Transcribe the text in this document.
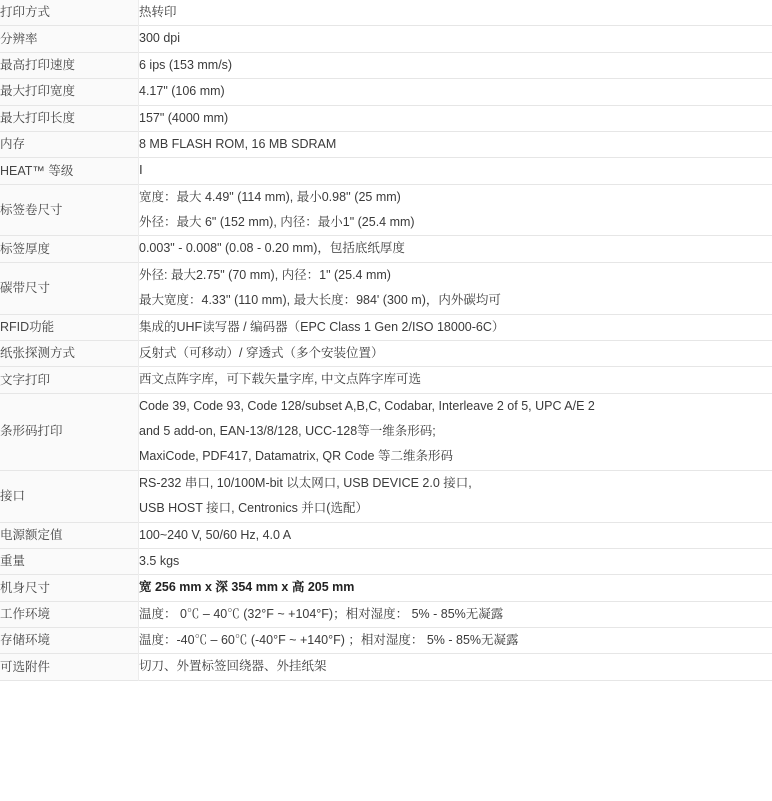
打印方式	热转印

分辨率	300 dpi

最高打印速度	6 ips (153 mm/s)

最大打印宽度	4.17" (106 mm)

最大打印长度	157" (4000 mm)

内存	8 MB FLASH ROM, 16 MB SDRAM

HEAT™ 等级	Ⅰ

标签卷尺寸	宽度：最大 4.49" (114 mm), 最小0.98'' (25 mm)
外径：最大 6" (152 mm), 内径：最小1" (25.4 mm)

标签厚度	0.003" - 0.008" (0.08 - 0.20 mm)，包括底纸厚度

碳带尺寸	外径: 最大2.75" (70 mm), 内径：1" (25.4 mm)
最大宽度：4.33'' (110 mm), 最大长度：984' (300 m)，内外碳均可

RFID功能	集成的UHF读写器 / 编码器（EPC Class 1 Gen 2/ISO 18000-6C）

纸张探测方式	反射式（可移动）/ 穿透式（多个安装位置）

文字打印	西文点阵字库，可下载矢量字库, 中文点阵字库可选

条形码打印	Code 39, Code 93, Code 128/subset A,B,C, Codabar, Interleave 2 of 5, UPC A/E 2
and 5 add-on, EAN-13/8/128, UCC-128等一维条形码;
MaxiCode, PDF417, Datamatrix, QR Code 等二维条形码

接口	RS-232 串口, 10/100M-bit 以太网口, USB DEVICE 2.0 接口,
USB HOST 接口, Centronics 并口(选配）

电源额定值	100~240 V, 50/60 Hz, 4.0 A

重量	3.5 kgs

机身尺寸	宽 256 mm x 深 354 mm x 高 205 mm

工作环境	温度： 0℃ – 40℃ (32°F ~ +104°F)；相对湿度： 5% - 85%无凝露

存储环境	温度：-40℃ – 60℃ (-40°F ~ +140°F) ；相对湿度： 5% - 85%无凝露

可选附件	切刀、外置标签回绕器、外挂纸架
